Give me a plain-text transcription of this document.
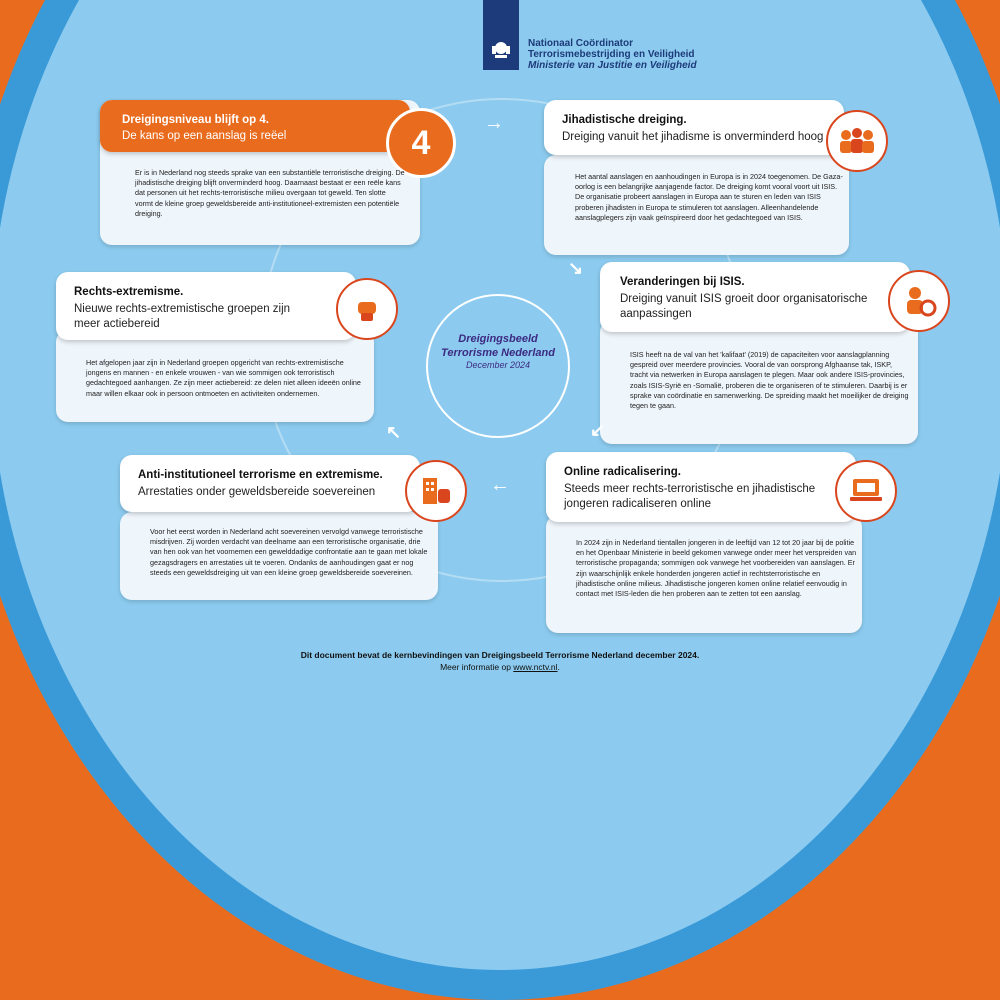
Nationaal Coördinator
Terrorismebestrijding en Veiligheid
Ministerie van Justitie en Veiligheid
Dreigingsniveau blijft op 4.
De kans op een aanslag is reëel	4
Er is in Nederland nog steeds sprake van een substantiële terroristische dreiging. De jihadistische dreiging blijft onverminderd hoog. Daarnaast bestaat er een reële kans dat personen uit het rechts-terroristische milieu overgaan tot geweld. Ten slotte vormt de kleine groep geweldsbereide anti-institutioneel-extremisten een potentiële dreiging.
→	Jihadistische dreiging.
Dreiging vanuit het jihadisme is onverminderd hoog
Het aantal aanslagen en aanhoudingen in Europa is in 2024 toegenomen. De Gaza-oorlog is een belangrijke aanjagende factor. De dreiging komt vooral voort uit ISIS. De organisatie probeert aanslagen in Europa aan te sturen en leden van ISIS proberen jihadisten in Europa te stimuleren tot aanslagen. Alleenhandelende aanslagplegers zijn vaak geïnspireerd door het gedachtegoed van ISIS.
↘
Veranderingen bij ISIS.
Dreiging vanuit ISIS groeit door organisatorische aanpassingen
ISIS heeft na de val van het 'kalifaat' (2019) de capaciteiten voor aanslagplanning gespreid over meerdere provincies. Vooral de van oorsprong Afghaanse tak, ISKP, tracht via netwerken in Europa aanslagen te plegen. Maar ook andere ISIS-provincies, zoals ISIS-Syrië en -Somalië, proberen die te organiseren of te stimuleren. Daarbij is er sprake van coördinatie en samenwerking. De spreiding maakt het moeilijker de dreiging tegen te gaan.
↙
Online radicalisering.
Steeds meer rechts-terroristische en jihadistische jongeren radicaliseren online
In 2024 zijn in Nederland tientallen jongeren in de leeftijd van 12 tot 20 jaar bij de politie en het Openbaar Ministerie in beeld gekomen vanwege onder meer het verspreiden van terroristische propaganda; sommigen ook vanwege het voorbereiden van aanslagen. Er zijn waarschijnlijk enkele honderden jongeren actief in rechtsterroristische en jihadistische online milieus. Jihadistische jongeren komen online relatief eenvoudig in contact met ISIS-leden die hen proberen aan te zetten tot een aanslag.
←
Anti-institutioneel terrorisme en extremisme.
Arrestaties onder geweldsbereide soevereinen
Voor het eerst worden in Nederland acht soevereinen vervolgd vanwege terroristische misdrijven. Zij worden verdacht van deelname aan een terroristische organisatie, drie van hen ook van het voornemen een gewelddadige confrontatie aan te gaan met lokale gezagsdragers en arrestaties uit te voeren. Ondanks de aanhoudingen gaat er nog steeds een geweldsdreiging uit van een kleine groep geweldsbereide soevereinen.
↖
Rechts-extremisme.
Nieuwe rechts-extremistische groepen zijn meer actiebereid
Het afgelopen jaar zijn in Nederland groepen opgericht van rechts-extremistische jongens en mannen - en enkele vrouwen - van wie sommigen ook terroristisch gedachtegoed aanhangen. Ze zijn meer actiebereid: ze delen niet alleen ideeën online maar willen elkaar ook in persoon ontmoeten en activiteiten ondernemen.
Dreigingsbeeld
Terrorisme Nederland
December 2024
Dit document bevat de kernbevindingen van Dreigingsbeeld Terrorisme Nederland december 2024.
Meer informatie op www.nctv.nl.
